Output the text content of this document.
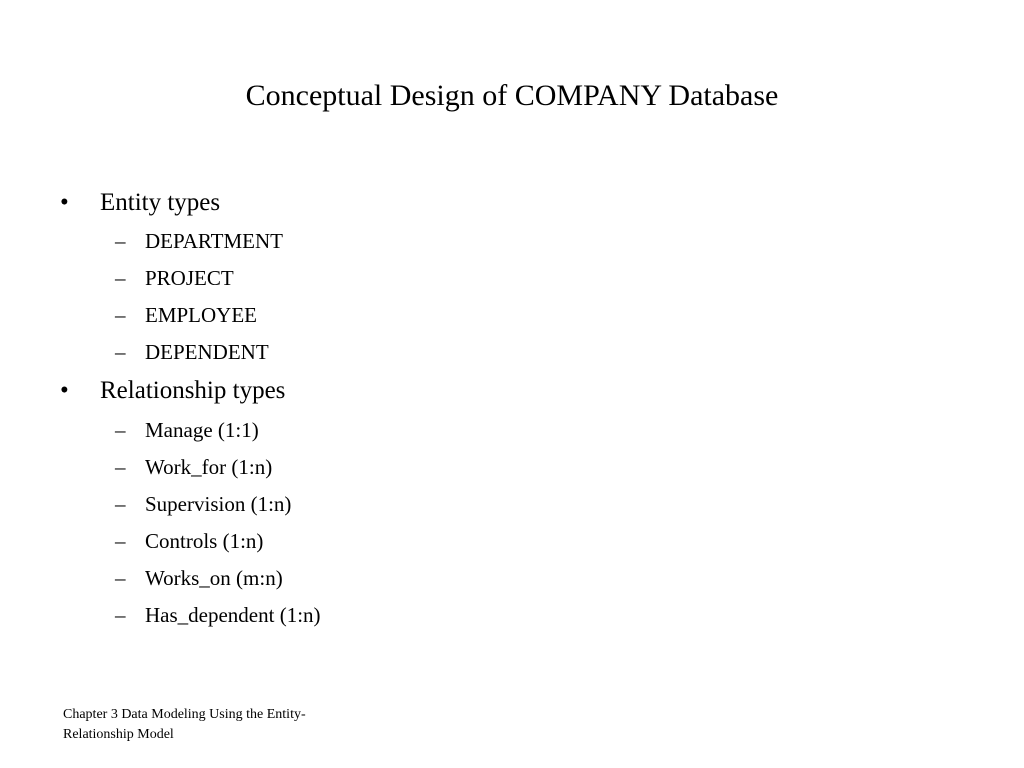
Conceptual Design of COMPANY Database
• Entity types
– DEPARTMENT
– PROJECT
– EMPLOYEE
– DEPENDENT
• Relationship types
– Manage (1:1)
– Work_for (1:n)
– Supervision (1:n)
– Controls (1:n)
– Works_on (m:n)
– Has_dependent (1:n)
Chapter 3 Data Modeling Using the Entity-
Relationship Model
